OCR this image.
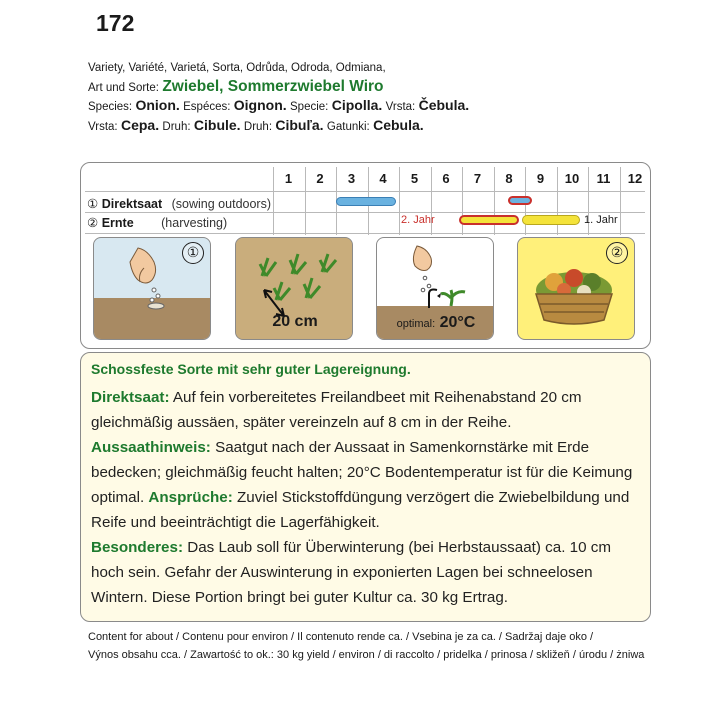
172
Variety, Variété, Varietá, Sorta, Odrůda, Odroda, Odmiana,
Art und Sorte: Zwiebel, Sommerzwiebel Wiro
Species: Onion. Espéces: Oignon. Specie: Cipolla. Vrsta: Čebula.
Vrsta: Cepa. Druh: Cibule. Druh: Cibuľa. Gatunki: Cebula.
1	2	3	4	5	6	7	8	9	10	11	12
① Direktsaat (sowing outdoors)
② Ernte (harvesting)	2. Jahr	1. Jahr
①
20 cm	optimal: 20°C
②
Schossfeste Sorte mit sehr guter Lagereignung.

Direktsaat: Auf fein vorbereitetes Freilandbeet mit Reihenabstand 20 cm gleichmäßig aussäen, später vereinzeln auf 8 cm in der Reihe.

Aussaathinweis: Saatgut nach der Aussaat in Samenkornstärke mit Erde bedecken; gleichmäßig feucht halten; 20°C Bodentemperatur ist für die Keimung optimal. Ansprüche: Zuviel Stickstoffdüngung verzögert die Zwiebelbildung und Reife und beeinträchtigt die Lagerfähigkeit.

Besonderes: Das Laub soll für Überwinterung (bei Herbstaussaat) ca. 10 cm hoch sein. Gefahr der Auswinterung in exponierten Lagen bei schneelosen Wintern. Diese Portion bringt bei guter Kultur ca. 30 kg Ertrag.

Content for about / Contenu pour environ / Il contenuto rende ca. / Vsebina je za ca. / Sadržaj daje oko /
Výnos obsahu cca. / Zawartość to ok.: 30 kg yield / environ / di raccolto / pridelka / prinosa / skližeň / úrodu / żniwa
